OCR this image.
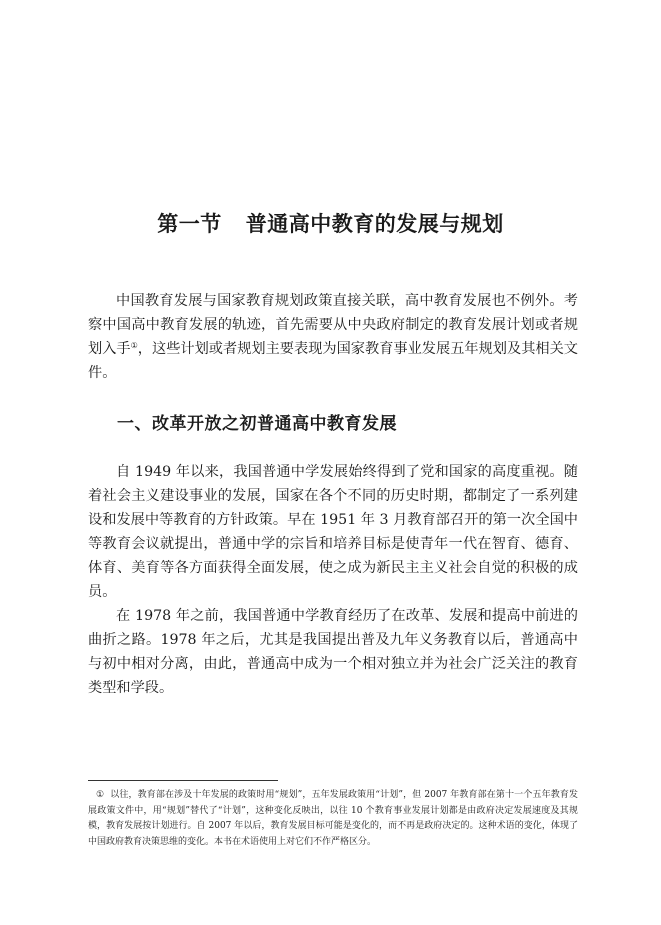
第一节 普通高中教育的发展与规划

中国教育发展与国家教育规划政策直接关联，高中教育发展也不例外。考察中国高中教育发展的轨迹，首先需要从中央政府制定的教育发展计划或者规划入手①，这些计划或者规划主要表现为国家教育事业发展五年规划及其相关文件。

一、改革开放之初普通高中教育发展

自 1949 年以来，我国普通中学发展始终得到了党和国家的高度重视。随着社会主义建设事业的发展，国家在各个不同的历史时期，都制定了一系列建设和发展中等教育的方针政策。早在 1951 年 3 月教育部召开的第一次全国中等教育会议就提出，普通中学的宗旨和培养目标是使青年一代在智育、德育、体育、美育等各方面获得全面发展，使之成为新民主主义社会自觉的积极的成员。

在 1978 年之前，我国普通中学教育经历了在改革、发展和提高中前进的曲折之路。1978 年之后，尤其是我国提出普及九年义务教育以后，普通高中与初中相对分离，由此，普通高中成为一个相对独立并为社会广泛关注的教育类型和学段。

① 以往，教育部在涉及十年发展的政策时用“规划”，五年发展政策用“计划”，但 2007 年教育部在第十一个五年教育发展政策文件中，用“规划”替代了“计划”，这种变化反映出，以往 10 个教育事业发展计划都是由政府决定发展速度及其规模，教育发展按计划进行。自 2007 年以后，教育发展目标可能是变化的，而不再是政府决定的。这种术语的变化，体现了中国政府教育决策思维的变化。本书在术语使用上对它们不作严格区分。
